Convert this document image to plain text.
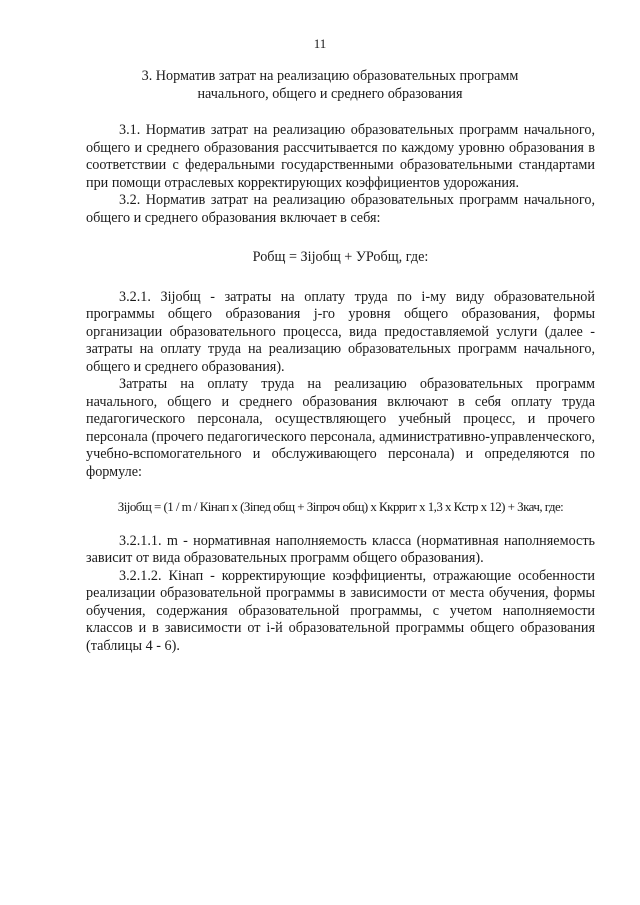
11
3. Норматив затрат на реализацию образовательных программ
начального, общего и среднего образования

3.1. Норматив затрат на реализацию образовательных программ начального, общего и среднего образования рассчитывается по каждому уровню образования в соответствии с федеральными государственными образовательными стандартами при помощи отраслевых корректирующих коэффициентов удорожания.

3.2. Норматив затрат на реализацию образовательных программ начального, общего и среднего образования включает в себя:

Робщ = Зijобщ + УРобщ, где:

3.2.1. Зijобщ - затраты на оплату труда по i-му виду образовательной программы общего образования j-го уровня общего образования, формы организации образовательного процесса, вида предоставляемой услуги (далее - затраты на оплату труда на реализацию образовательных программ начального, общего и среднего образования).

Затраты на оплату труда на реализацию образовательных программ начального, общего и среднего образования включают в себя оплату труда педагогического персонала, осуществляющего учебный процесс, и прочего персонала (прочего педагогического персонала, административно-управленческого, учебно-вспомогательного и обслуживающего персонала) и определяются по формуле:

Зijобщ = (1 / m / Кiнап x (Зiпед общ + Зiпроч общ) x Ккррит x 1,3 x Кстр x 12) + Зкач, где:

3.2.1.1. m - нормативная наполняемость класса (нормативная наполняемость зависит от вида образовательных программ общего образования).

3.2.1.2. Кiнап - корректирующие коэффициенты, отражающие особенности реализации образовательной программы в зависимости от места обучения, формы обучения, содержания образовательной программы, с учетом наполняемости классов и в зависимости от i-й образовательной программы общего образования (таблицы 4 - 6).
